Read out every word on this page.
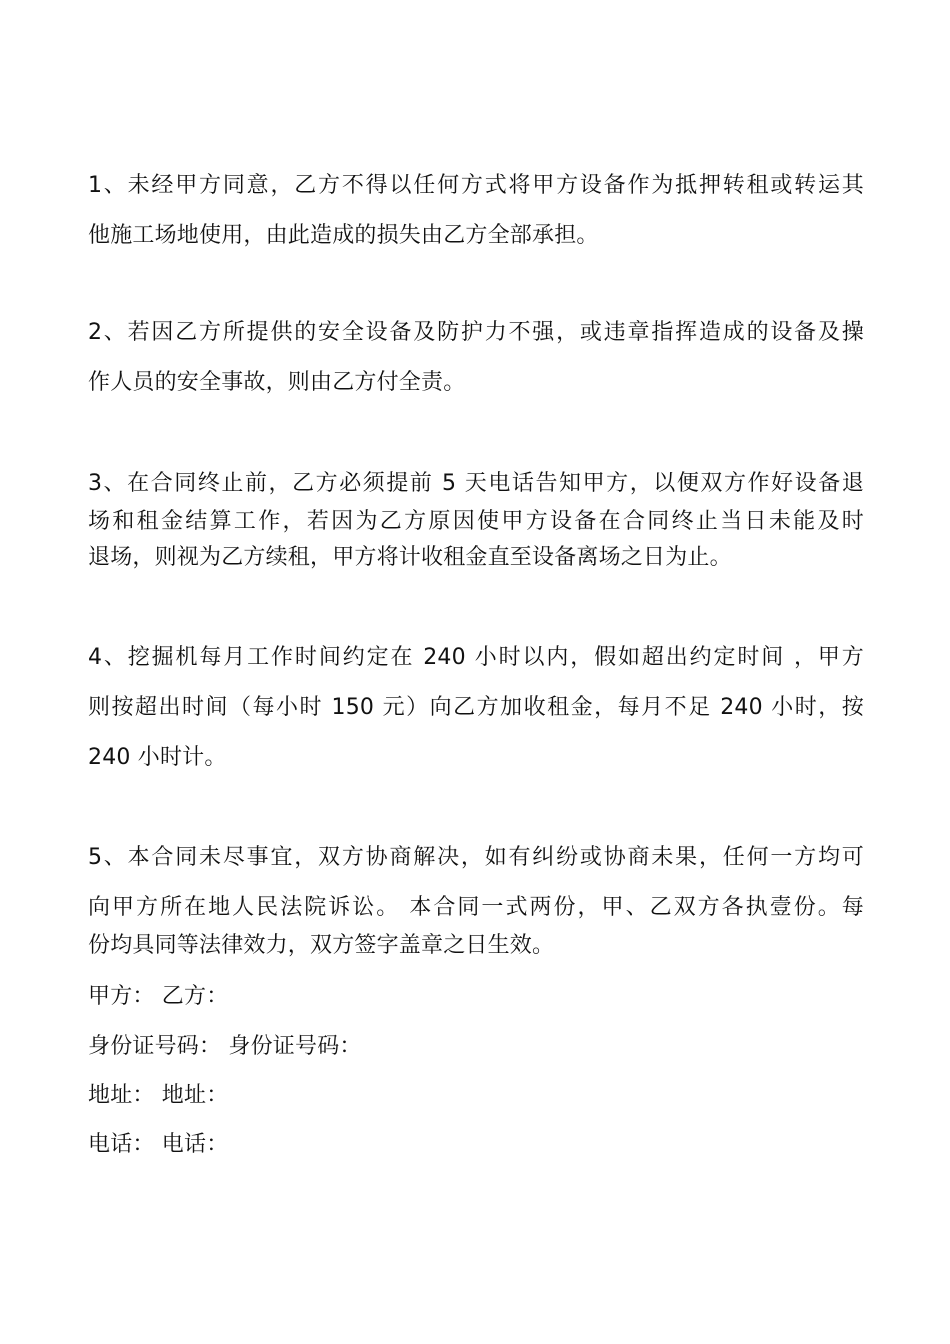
1、未经甲方同意，乙方不得以任何方式将甲方设备作为抵押转租或转运其
他施工场地使用，由此造成的损失由乙方全部承担。
2、若因乙方所提供的安全设备及防护力不强，或违章指挥造成的设备及操
作人员的安全事故，则由乙方付全责。
3、在合同终止前，乙方必须提前 5 天电话告知甲方，以便双方作好设备退
场和租金结算工作，若因为乙方原因使甲方设备在合同终止当日未能及时
退场，则视为乙方续租，甲方将计收租金直至设备离场之日为止。
4、挖掘机每月工作时间约定在 240 小时以内，假如超出约定时间 ，甲方
则按超出时间（每小时 150 元）向乙方加收租金，每月不足 240 小时，按
240 小时计。
5、本合同未尽事宜，双方协商解决，如有纠纷或协商未果，任何一方均可
向甲方所在地人民法院诉讼。 本合同一式两份，甲、乙双方各执壹份。每
份均具同等法律效力，双方签字盖章之日生效。
甲方： 乙方：
身份证号码： 身份证号码：
地址： 地址：
电话： 电话：
